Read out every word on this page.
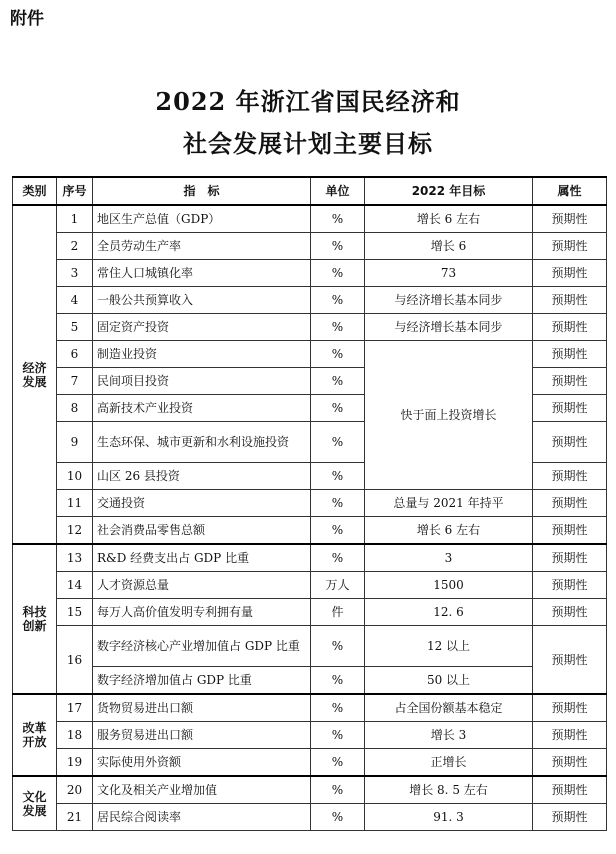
附件
2022 年浙江省国民经济和
社会发展计划主要目标
类别	序号	指　标	单位	2022 年目标	属性
经济
发展	1	地区生产总值（GDP）	%	增长 6 左右	预期性
	2	全员劳动生产率	%	增长 6	预期性
	3	常住人口城镇化率	%	73	预期性
	4	一般公共预算收入	%	与经济增长基本同步	预期性
	5	固定资产投资	%	与经济增长基本同步	预期性
	6	制造业投资	%	快于面上投资增长	预期性
	7	民间项目投资	%		预期性
	8	高新技术产业投资	%		预期性
	9	生态环保、城市更新和水利设施投资	%		预期性
	10	山区 26 县投资	%		预期性
	11	交通投资	%	总量与 2021 年持平	预期性
	12	社会消费品零售总额	%	增长 6 左右	预期性
科技
创新	13	R&D 经费支出占 GDP 比重	%	3	预期性
	14	人才资源总量	万人	1500	预期性
	15	每万人高价值发明专利拥有量	件	12. 6	预期性
	16	数字经济核心产业增加值占 GDP 比重	%	12 以上	预期性
		数字经济增加值占 GDP 比重	%	50 以上	
改革
开放	17	货物贸易进出口额	%	占全国份额基本稳定	预期性
	18	服务贸易进出口额	%	增长 3	预期性
	19	实际使用外资额	%	正增长	预期性
文化
发展	20	文化及相关产业增加值	%	增长 8. 5 左右	预期性
	21	居民综合阅读率	%	91. 3	预期性
